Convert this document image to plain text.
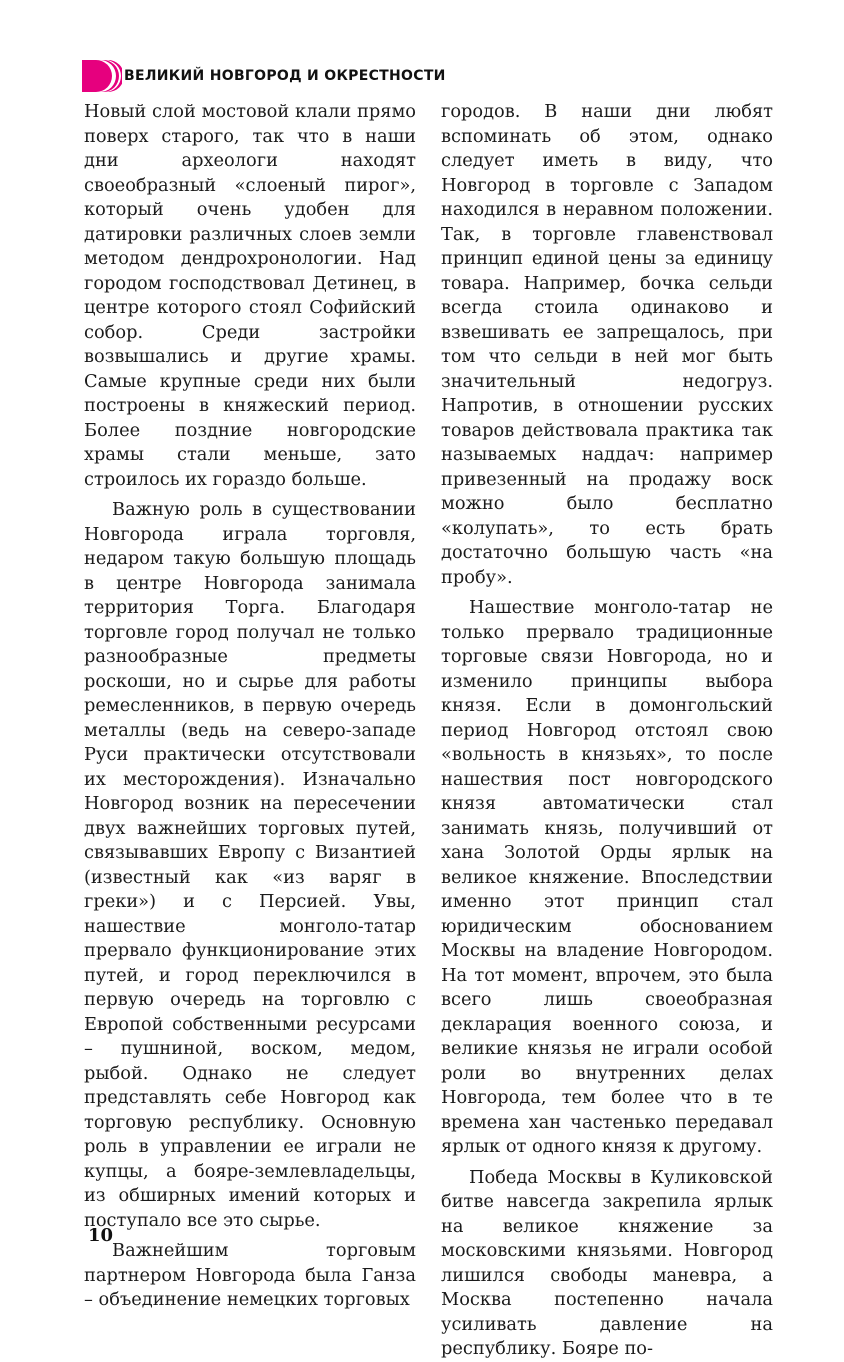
ВЕЛИКИЙ НОВГОРОД И ОКРЕСТНОСТИ

Новый слой мостовой клали прямо поверх старого, так что в наши дни археологи находят своеобразный «слоеный пирог», который очень удобен для датировки различных слоев земли методом дендрохронологии. Над городом господствовал Детинец, в центре которого стоял Софийский собор. Среди застройки возвышались и другие храмы. Самые крупные среди них были построены в княжеский период. Более поздние новгородские храмы стали меньше, зато строилось их гораздо больше.

Важную роль в существовании Новгорода играла торговля, недаром такую большую площадь в центре Новгорода занимала территория Торга. Благодаря торговле город получал не только разнообразные предметы роскоши, но и сырье для работы ремесленников, в первую очередь металлы (ведь на северо-западе Руси практически отсутствовали их месторождения). Изначально Новгород возник на пересечении двух важнейших торговых путей, связывавших Европу с Византией (известный как «из варяг в греки») и с Персией. Увы, нашествие монголо-татар прервало функционирование этих путей, и город переключился в первую очередь на торговлю с Европой собственными ресурсами – пушниной, воском, медом, рыбой. Однако не следует представлять себе Новгород как торговую республику. Основную роль в управлении ее играли не купцы, а бояре-землевладельцы, из обширных имений которых и поступало все это сырье.

Важнейшим торговым партнером Новгорода была Ганза – объединение немецких торговых

городов. В наши дни любят вспоминать об этом, однако следует иметь в виду, что Новгород в торговле с Западом находился в неравном положении. Так, в торговле главенствовал принцип единой цены за единицу товара. Например, бочка сельди всегда стоила одинаково и взвешивать ее запрещалось, при том что сельди в ней мог быть значительный недогруз. Напротив, в отношении русских товаров действовала практика так называемых наддач: например привезенный на продажу воск можно было бесплатно «колупать», то есть брать достаточно большую часть «на пробу».

Нашествие монголо-татар не только прервало традиционные торговые связи Новгорода, но и изменило принципы выбора князя. Если в домонгольский период Новгород отстоял свою «вольность в князьях», то после нашествия пост новгородского князя автоматически стал занимать князь, получивший от хана Золотой Орды ярлык на великое княжение. Впоследствии именно этот принцип стал юридическим обоснованием Москвы на владение Новгородом. На тот момент, впрочем, это была всего лишь своеобразная декларация военного союза, и великие князья не играли особой роли во внутренних делах Новгорода, тем более что в те времена хан частенько передавал ярлык от одного князя к другому.

Победа Москвы в Куликовской битве навсегда закрепила ярлык на великое княжение за московскими князьями. Новгород лишился свободы маневра, а Москва постепенно начала усиливать давление на республику. Бояре по-

10
